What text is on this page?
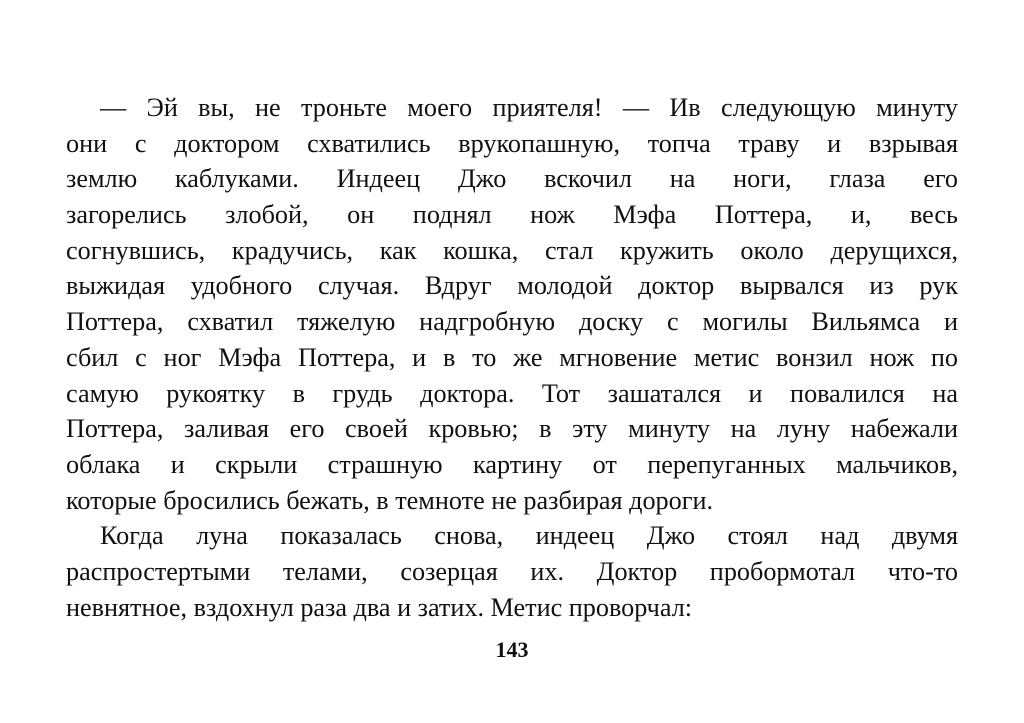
— Эй вы, не троньте моего приятеля! — Ив следующую минуту
они с доктором схватились врукопашную, топча траву и взрывая
землю каблуками. Индеец Джо вскочил на ноги, глаза его
загорелись злобой, он поднял нож Мэфа Поттера, и, весь
согнувшись, крадучись, как кошка, стал кружить около дерущихся,
выжидая удобного случая. Вдруг молодой доктор вырвался из рук
Поттера, схватил тяжелую надгробную доску с могилы Вильямса и
сбил с ног Мэфа Поттера, и в то же мгновение метис вонзил нож по
самую рукоятку в грудь доктора. Тот зашатался и повалился на
Поттера, заливая его своей кровью; в эту минуту на луну набежали
облака и скрыли страшную картину от перепуганных мальчиков,
которые бросились бежать, в темноте не разбирая дороги.
Когда луна показалась снова, индеец Джо стоял над двумя
распростертыми телами, созерцая их. Доктор пробормотал что-то
невнятное, вздохнул раза два и затих. Метис проворчал:
143
